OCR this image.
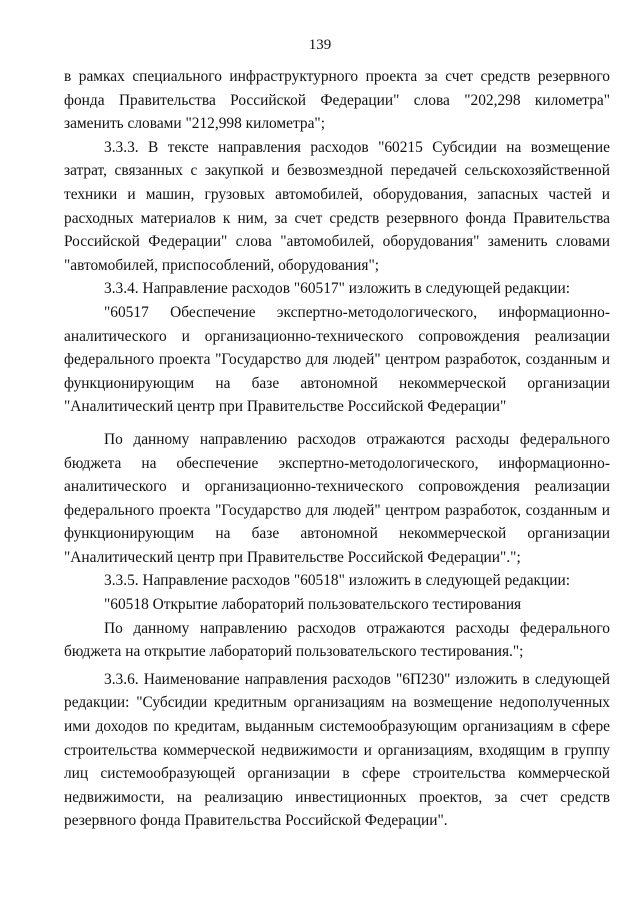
139

в рамках специального инфраструктурного проекта за счет средств резервного фонда Правительства Российской Федерации" слова "202,298 километра" заменить словами "212,998 километра";

3.3.3. В тексте направления расходов "60215 Субсидии на возмещение затрат, связанных с закупкой и безвозмездной передачей сельскохозяйственной техники и машин, грузовых автомобилей, оборудования, запасных частей и расходных материалов к ним, за счет средств резервного фонда Правительства Российской Федерации" слова "автомобилей, оборудования" заменить словами "автомобилей, приспособлений, оборудования";

3.3.4. Направление расходов "60517" изложить в следующей редакции:

"60517 Обеспечение экспертно-методологического, информационно-аналитического и организационно-технического сопровождения реализации федерального проекта "Государство для людей" центром разработок, созданным и функционирующим на базе автономной некоммерческой организации "Аналитический центр при Правительстве Российской Федерации"

По данному направлению расходов отражаются расходы федерального бюджета на обеспечение экспертно-методологического, информационно-аналитического и организационно-технического сопровождения реализации федерального проекта "Государство для людей" центром разработок, созданным и функционирующим на базе автономной некоммерческой организации "Аналитический центр при Правительстве Российской Федерации".";

3.3.5. Направление расходов "60518" изложить в следующей редакции:

"60518 Открытие лабораторий пользовательского тестирования

По данному направлению расходов отражаются расходы федерального бюджета на открытие лабораторий пользовательского тестирования.";

3.3.6. Наименование направления расходов "6П230" изложить в следующей редакции: "Субсидии кредитным организациям на возмещение недополученных ими доходов по кредитам, выданным системообразующим организациям в сфере строительства коммерческой недвижимости и организациям, входящим в группу лиц системообразующей организации в сфере строительства коммерческой недвижимости, на реализацию инвестиционных проектов, за счет средств резервного фонда Правительства Российской Федерации".
